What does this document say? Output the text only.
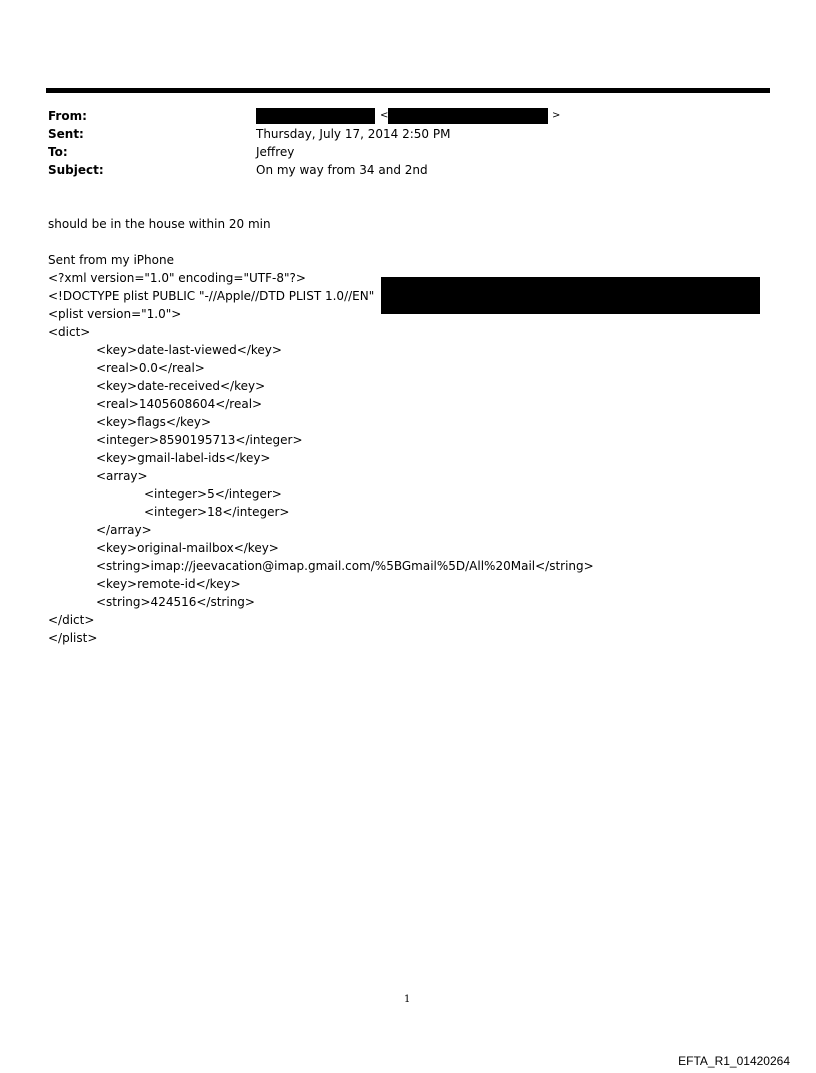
From:	<	>
Sent:	Thursday, July 17, 2014 2:50 PM
To:	Jeffrey
Subject:	On my way from 34 and 2nd
should be in the house within 20 min
Sent from my iPhone
<?xml version="1.0" encoding="UTF-8"?>
<!DOCTYPE plist PUBLIC "-//Apple//DTD PLIST 1.0//EN"
<plist version="1.0">
<dict>
<key>date-last-viewed</key>
<real>0.0</real>
<key>date-received</key>
<real>1405608604</real>
<key>flags</key>
<integer>8590195713</integer>
<key>gmail-label-ids</key>
<array>
<integer>5</integer>
<integer>18</integer>
</array>
<key>original-mailbox</key>
<string>imap://jeevacation@imap.gmail.com/%5BGmail%5D/All%20Mail</string>
<key>remote-id</key>
<string>424516</string>
</dict>
</plist>
1
EFTA_R1_01420264
